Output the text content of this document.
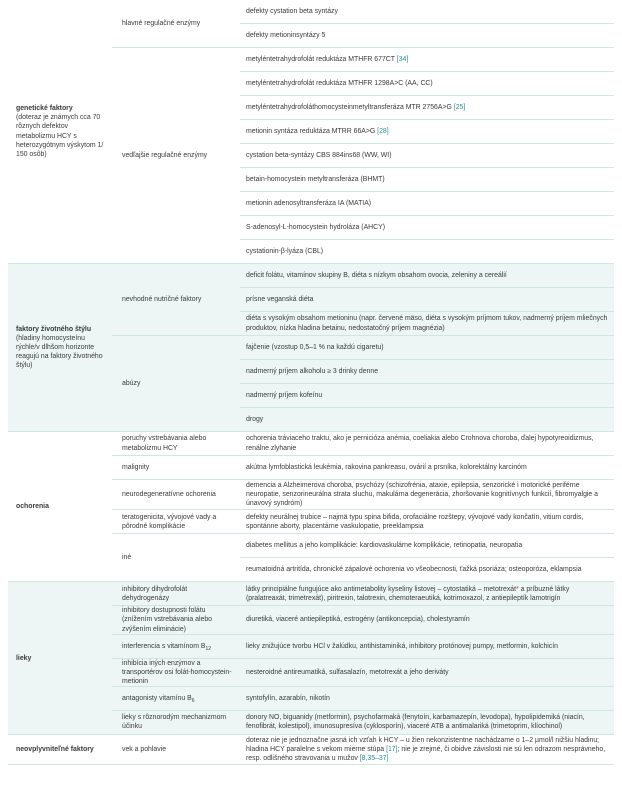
genetické faktory
(doteraz je známych cca 70 rôznych defektov metabolizmu HCY s heterozygótnym výskytom 1/ 150 osôb)	hlavné regulačné enzýmy	defekty cystation beta syntázy
		defekty metioninsyntázy 5
	vedľajšie regulačné enzýmy	metyléntetrahydrofolát reduktáza MTHFR 677CT [34]
		metyléntetrahydrofolát reduktáza MTHFR 1298A>C (AA, CC)
		metyléntetrahydrofoláthomocysteinmetyltransferáza MTR 2756A>G [25]
		metionin syntáza reduktáza MTRR 66A>G [28]
		cystation beta-syntázy CBS 884ins68 (WW, WI)
		betain-homocystein metyltransferáza (BHMT)
		metionin adenosyltransferáza IA (MATIA)
		S-adenosyl-L-homocystein hydroláza (AHCY)
		cystationin-β-lyáza (CBL)

faktory životného štýlu
(hladiny homocysteínu rýchle/v dlhšom horizonte reagujú na faktory životného štýlu)	nevhodné nutričné faktory	deficit folátu, vitamínov skupiny B, diéta s nízkym obsahom ovocia, zeleniny a cereálií
		prísne veganská diéta
		diéta s vysokým obsahom metioninu (napr. červené mäso, diéta s vysokým príjmom tukov, nadmerný príjem mliečnych produktov, nízka hladina betainu, nedostatočný príjem magnézia)
	abúzy	fajčenie (vzostup 0,5–1 % na každú cigaretu)
		nadmerný príjem alkoholu ≥ 3 drinky denne
		nadmerný príjem kofeínu
		drogy

ochorenia	poruchy vstrebávania alebo metabolizmu HCY	ochorenia tráviaceho traktu, ako je pernicióza anémia, coeliakia alebo Crohnova choroba, ďalej hypotyreoidizmus, renálne zlyhanie
	malignity	akútna lymfoblastická leukémia, rakovina pankreasu, ovárií a prsníka, kolorektálny karcinóm
	neurodegeneratívne ochorenia	demencia a Alzheimerova choroba, psychózy (schizofrénia, ataxie, epilepsia, senzorické i motorické periférne neuropatie, senzorineurálna strata sluchu, makulárna degenerácia, zhoršovanie kognitívnych funkcií, fibromyalgie a únavový syndróm)
	teratogenicita, vývojové vady a pôrodné komplikácie	defekty neurálnej trubice – najmä typu spina bifida, orofaciálne rozštepy, vývojové vady končatín, vitium cordis, spontánne aborty, placentárne vaskulopatie, preeklampsia
	iné	diabetes mellitus a jeho komplikácie: kardiovaskulárne komplikácie, retinopatia, neuropatia
		reumatoidná artritída, chronické zápalové ochorenia vo všeobecnosti, ťažká psoriáza; osteoporóza, eklampsia

lieky	inhibitory dihydrofolát dehydrogenázy	látky principiálne fungujúce ako antimetabolity kyseliny listovej – cytostatiká – metotrexát* a príbuzné látky (pralatreaxát, trimetrexát), piritrexin, talotrexin, chemoteraeutiká, kotrimoxazol, z antiepileptík lamotrigín
	inhibitory dostupnosti folátu (znížením vstrebávania alebo zvýšením eliminácie)	diuretiká, viaceré antiepileptiká, estrogény (antikoncepcia), cholestyramín
	interferencia s vitamínom $B_{12}$	lieky znižujúce tvorbu HCl v žalúdku, antihistaminiká, inhibitory protónovej pumpy, metformin, kolchicín
	inhibícia iných enzýmov a transportérov osi folát-homocystein-metionin	nesteroidné antireumatiká, sulfasalazín, metotrexát a jeho deriváty
	antagonisty vitamínu $B_6$	syntofylín, azarabín, nikotín
	lieky s rôznorodým mechanizmom účinku	donory NO, biguanidy (metformin), psychofarmaká (fenytoín, karbamazepín, levodopa), hypolipidemiká (niacín, fenofibrát, kolestipol), imunosupresíva (cyklosporín), viaceré ATB a antimalariká (trimetoprim, klíochinol)

neovplyvniteľné faktory	vek a pohlavie	doteraz nie je jednoznačne jasná ich vzťah k HCY – u žien nekonzistentne nachádzame o 1–2 µmol/l nižšiu hladinu; hladina HCY paralelne s vekom mierne stúpa [17]; nie je zrejmé, či obidve závislosti nie sú len odrazom nesprávneho, resp. odlišného stravovania u mužov [8,35–37]
